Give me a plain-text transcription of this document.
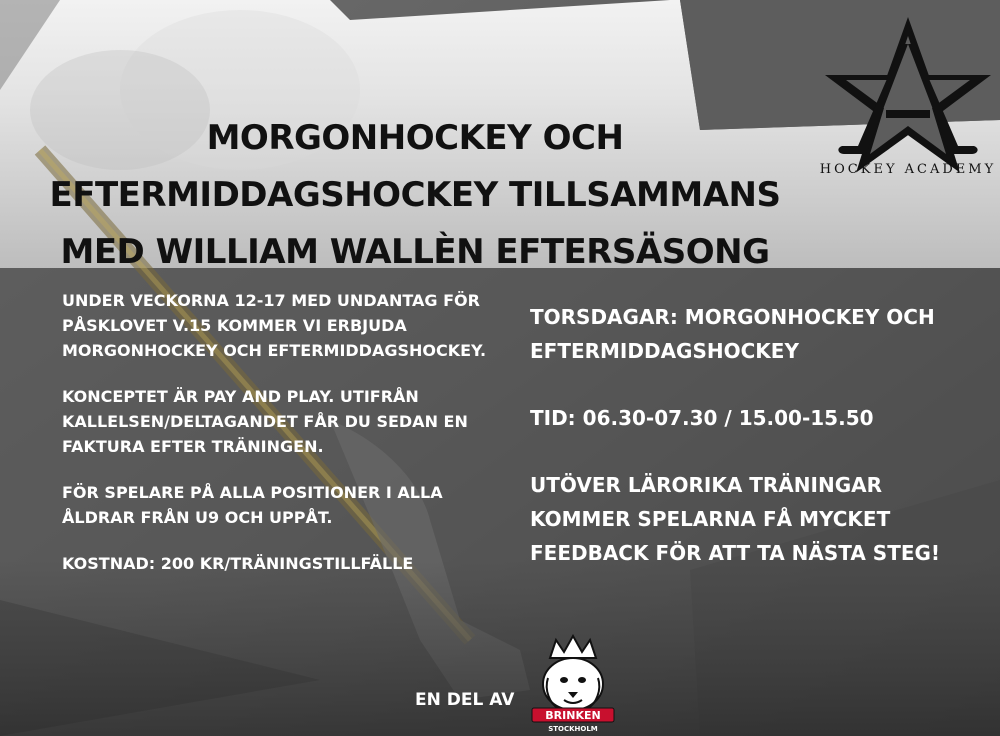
MORGONHOCKEY OCH
EFTERMIDDAGSHOCKEY TILLSAMMANS
MED WILLIAM WALLÈN EFTERSÄSONG
HOCKEY ACADEMY

UNDER VECKORNA 12-17 MED UNDANTAG FÖR PÅSKLOVET V.15 KOMMER VI ERBJUDA MORGONHOCKEY OCH EFTERMIDDAGSHOCKEY.

KONCEPTET ÄR PAY AND PLAY. UTIFRÅN KALLELSEN/DELTAGANDET FÅR DU SEDAN EN FAKTURA EFTER TRÄNINGEN.

FÖR SPELARE PÅ ALLA POSITIONER I ALLA ÅLDRAR FRÅN U9 OCH UPPÅT.

KOSTNAD: 200 KR/TRÄNINGSTILLFÄLLE

TORSDAGAR: MORGONHOCKEY OCH EFTERMIDDAGSHOCKEY

TID: 06.30-07.30 / 15.00-15.50

UTÖVER LÄRORIKA TRÄNINGAR KOMMER SPELARNA FÅ MYCKET FEEDBACK FÖR ATT TA NÄSTA STEG!

EN DEL AV
BRINKEN
STOCKHOLM
